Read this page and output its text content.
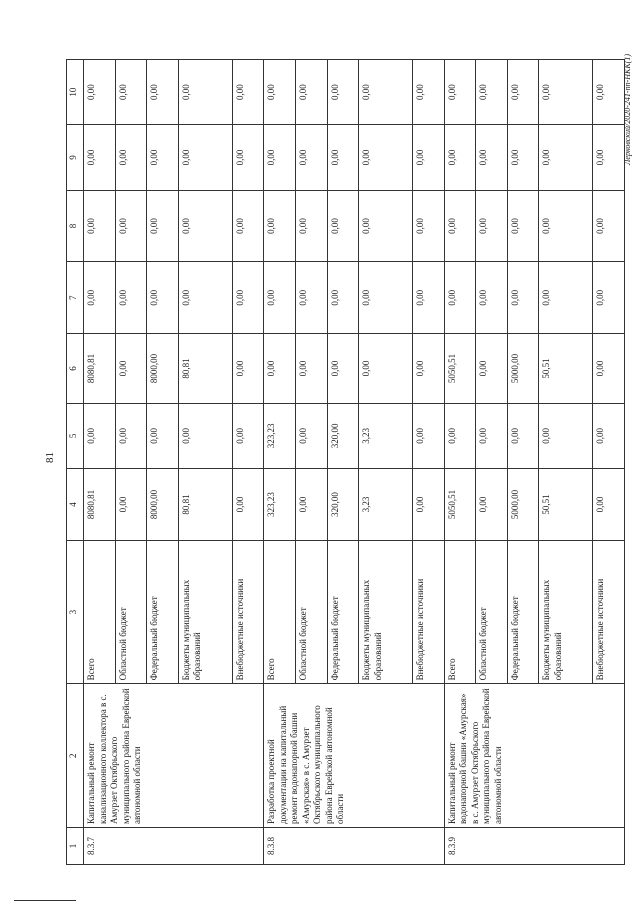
81
Лерковский/2020-241-пп-НКК(1)
1	2	3	4	5	6	7	8	9	10
8.3.7	Капитальный ремонт канализационного коллектора в с. Амурзет Октябрьского муниципального района Еврейской автономной области	Всего	8080,81	0,00	8080,81	0,00	0,00	0,00	0,00
		Областной бюджет	0,00	0,00	0,00	0,00	0,00	0,00	0,00
		Федеральный бюджет	8000,00	0,00	8000,00	0,00	0,00	0,00	0,00
		Бюджеты муниципальных образований	80,81	0,00	80,81	0,00	0,00	0,00	0,00
		Внебюджетные источники	0,00	0,00	0,00	0,00	0,00	0,00	0,00
8.3.8	Разработка проектной документации на капитальный ремонт водонапорной башни «Амурская» в с. Амурзет Октябрьского муниципального района Еврейской автономной области	Всего	323,23	323,23	0,00	0,00	0,00	0,00	0,00
		Областной бюджет	0,00	0,00	0,00	0,00	0,00	0,00	0,00
		Федеральный бюджет	320,00	320,00	0,00	0,00	0,00	0,00	0,00
		Бюджеты муниципальных образований	3,23	3,23	0,00	0,00	0,00	0,00	0,00
		Внебюджетные источники	0,00	0,00	0,00	0,00	0,00	0,00	0,00
8.3.9	Капитальный ремонт водонапорной башни «Амурская» в с. Амурзет Октябрьского муниципального района Еврейской автономной области	Всего	5050,51	0,00	5050,51	0,00	0,00	0,00	0,00
		Областной бюджет	0,00	0,00	0,00	0,00	0,00	0,00	0,00
		Федеральный бюджет	5000,00	0,00	5000,00	0,00	0,00	0,00	0,00
		Бюджеты муниципальных образований	50,51	0,00	50,51	0,00	0,00	0,00	0,00
		Внебюджетные источники	0,00	0,00	0,00	0,00	0,00	0,00	0,00
